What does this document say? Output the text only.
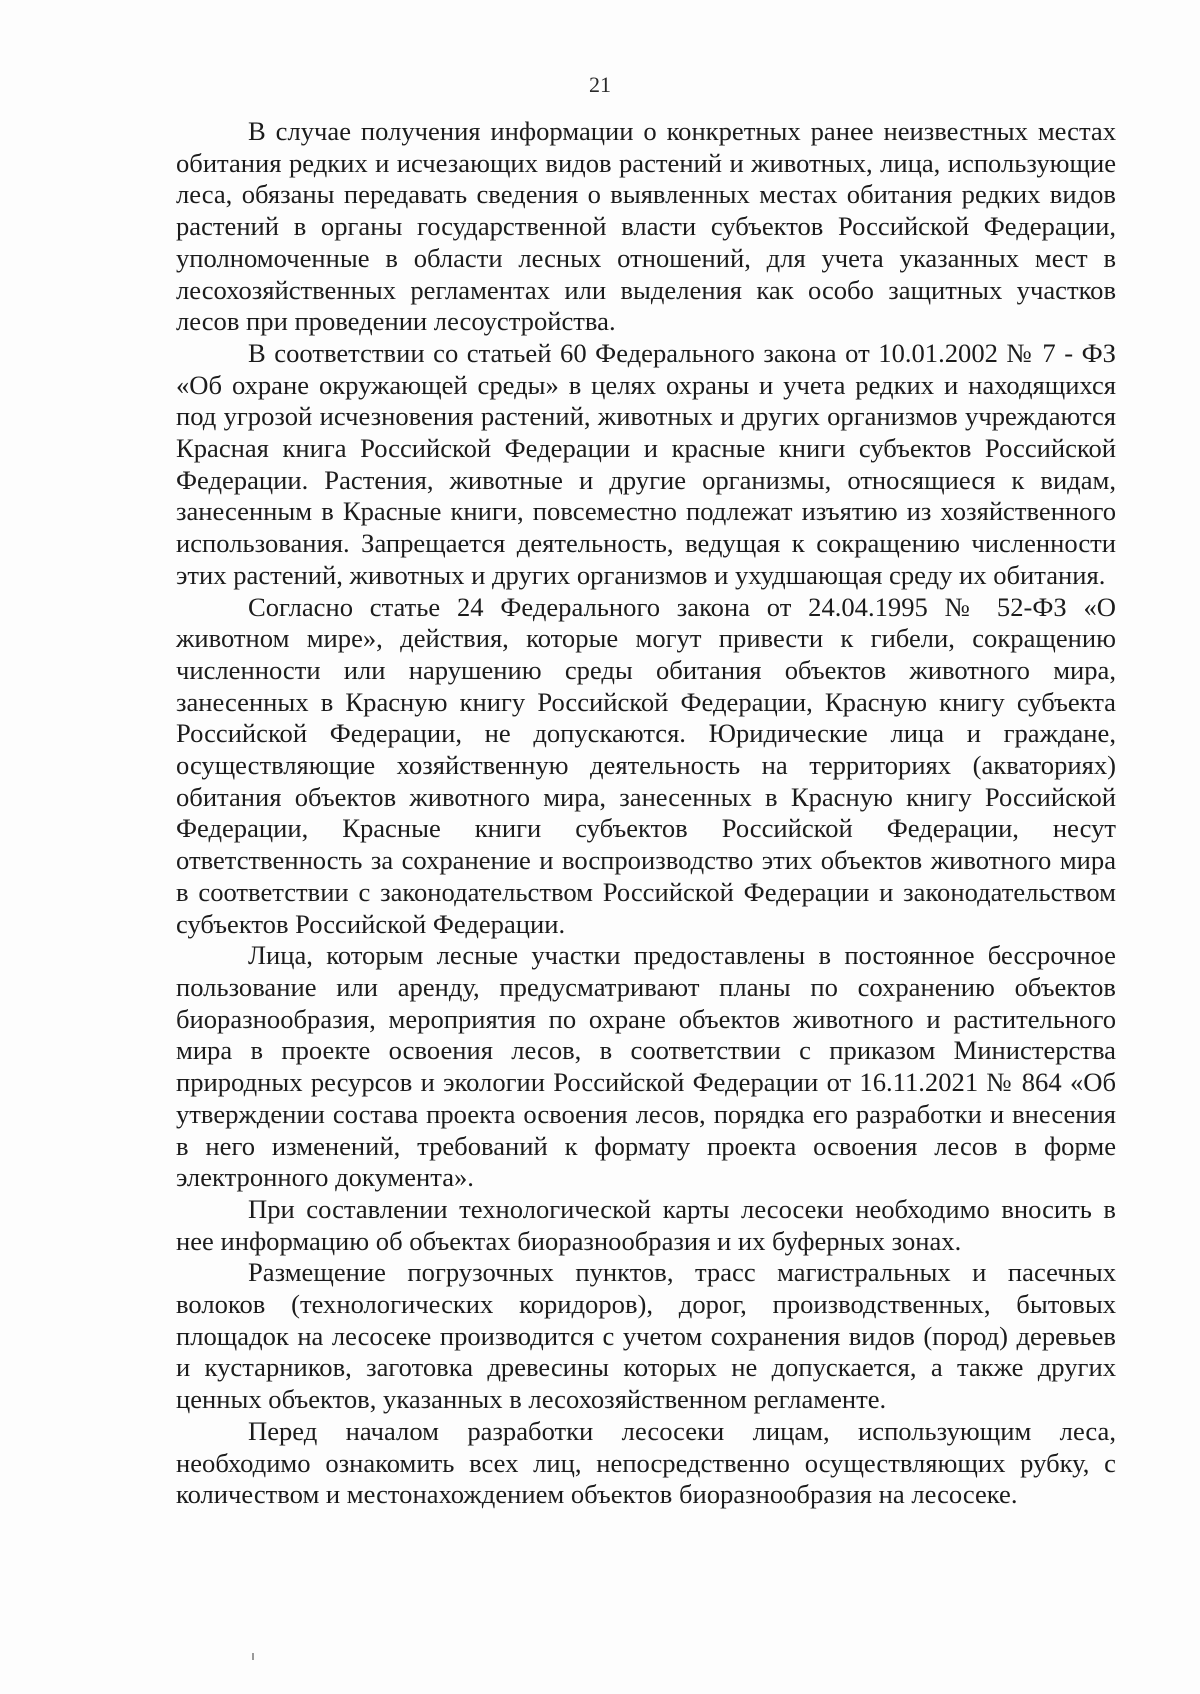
21

В случае получения информации о конкретных ранее неизвестных местах обитания редких и исчезающих видов растений и животных, лица, использующие леса, обязаны передавать сведения о выявленных местах обитания редких видов растений в органы государственной власти субъектов Российской Федерации, уполномоченные в области лесных отношений, для учета указанных мест в лесохозяйственных регламентах или выделения как особо защитных участков лесов при проведении лесоустройства.

В соответствии со статьей 60 Федерального закона от 10.01.2002 № 7 - ФЗ «Об охране окружающей среды» в целях охраны и учета редких и находящихся под угрозой исчезновения растений, животных и других организмов учреждаются Красная книга Российской Федерации и красные книги субъектов Российской Федерации. Растения, животные и другие организмы, относящиеся к видам, занесенным в Красные книги, повсеместно подлежат изъятию из хозяйственного использования. Запрещается деятельность, ведущая к сокращению численности этих растений, животных и других организмов и ухудшающая среду их обитания.

Согласно статье 24 Федерального закона от 24.04.1995 № 52-ФЗ «О животном мире», действия, которые могут привести к гибели, сокращению численности или нарушению среды обитания объектов животного мира, занесенных в Красную книгу Российской Федерации, Красную книгу субъекта Российской Федерации, не допускаются. Юридические лица и граждане, осуществляющие хозяйственную деятельность на территориях (акваториях) обитания объектов животного мира, занесенных в Красную книгу Российской Федерации, Красные книги субъектов Российской Федерации, несут ответственность за сохранение и воспроизводство этих объектов животного мира в соответствии с законодательством Российской Федерации и законодательством субъектов Российской Федерации.

Лица, которым лесные участки предоставлены в постоянное бессрочное пользование или аренду, предусматривают планы по сохранению объектов биоразнообразия, мероприятия по охране объектов животного и растительного мира в проекте освоения лесов, в соответствии с приказом Министерства природных ресурсов и экологии Российской Федерации от 16.11.2021 № 864 «Об утверждении состава проекта освоения лесов, порядка его разработки и внесения в него изменений, требований к формату проекта освоения лесов в форме электронного документа».

При составлении технологической карты лесосеки необходимо вносить в нее информацию об объектах биоразнообразия и их буферных зонах.

Размещение погрузочных пунктов, трасс магистральных и пасечных волоков (технологических коридоров), дорог, производственных, бытовых площадок на лесосеке производится с учетом сохранения видов (пород) деревьев и кустарников, заготовка древесины которых не допускается, а также других ценных объектов, указанных в лесохозяйственном регламенте.

Перед началом разработки лесосеки лицам, использующим леса, необходимо ознакомить всех лиц, непосредственно осуществляющих рубку, с количеством и местонахождением объектов биоразнообразия на лесосеке.
